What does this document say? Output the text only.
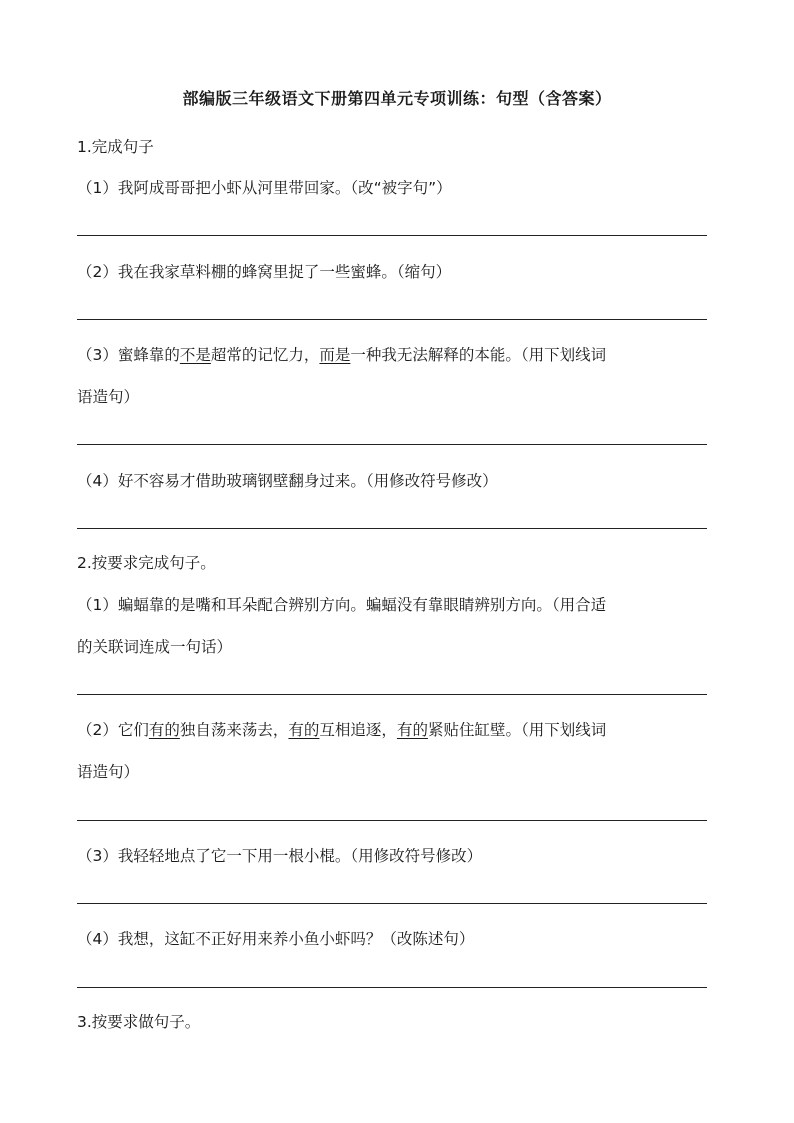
部编版三年级语文下册第四单元专项训练：句型（含答案）
1.完成句子
（1）我阿成哥哥把小虾从河里带回家。（改“被字句”）
（2）我在我家草料棚的蜂窝里捉了一些蜜蜂。（缩句）
（3）蜜蜂靠的不是超常的记忆力，而是一种我无法解释的本能。（用下划线词
语造句）
（4）好不容易才借助玻璃钢壁翻身过来。（用修改符号修改）
2.按要求完成句子。
（1）蝙蝠靠的是嘴和耳朵配合辨别方向。蝙蝠没有靠眼睛辨别方向。（用合适
的关联词连成一句话）
（2）它们有的独自荡来荡去，有的互相追逐，有的紧贴住缸壁。（用下划线词
语造句）
（3）我轻轻地点了它一下用一根小棍。（用修改符号修改）
（4）我想，这缸不正好用来养小鱼小虾吗？（改陈述句）
3.按要求做句子。
